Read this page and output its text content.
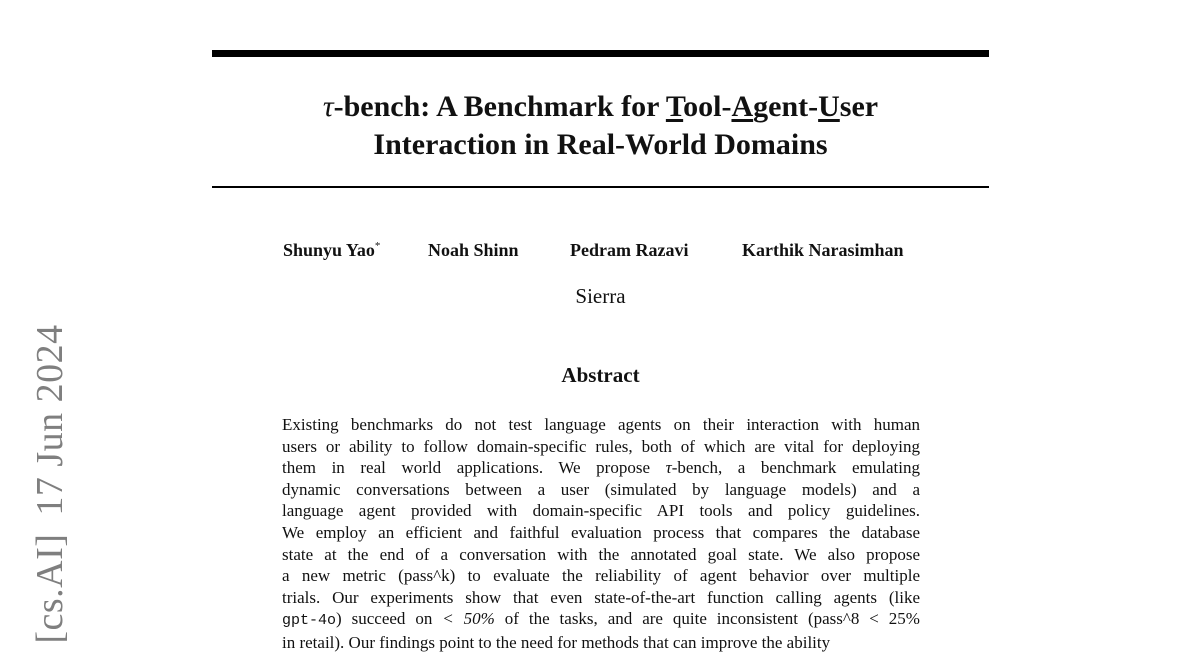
τ-bench: A Benchmark for Tool-Agent-User
Interaction in Real-World Domains
Shunyu Yao*	Noah Shinn	Pedram Razavi	Karthik Narasimhan
Sierra
Abstract
Existing benchmarks do not test language agents on their interaction with human
users or ability to follow domain-specific rules, both of which are vital for deploying
them in real world applications. We propose τ-bench, a benchmark emulating
dynamic conversations between a user (simulated by language models) and a
language agent provided with domain-specific API tools and policy guidelines.
We employ an efficient and faithful evaluation process that compares the database
state at the end of a conversation with the annotated goal state. We also propose
a new metric (pass^k) to evaluate the reliability of agent behavior over multiple
trials. Our experiments show that even state-of-the-art function calling agents (like
gpt-4o) succeed on < 50% of the tasks, and are quite inconsistent (pass^8 < 25%
in retail). Our findings point to the need for methods that can improve the ability
[cs.AI]17 Jun 2024
